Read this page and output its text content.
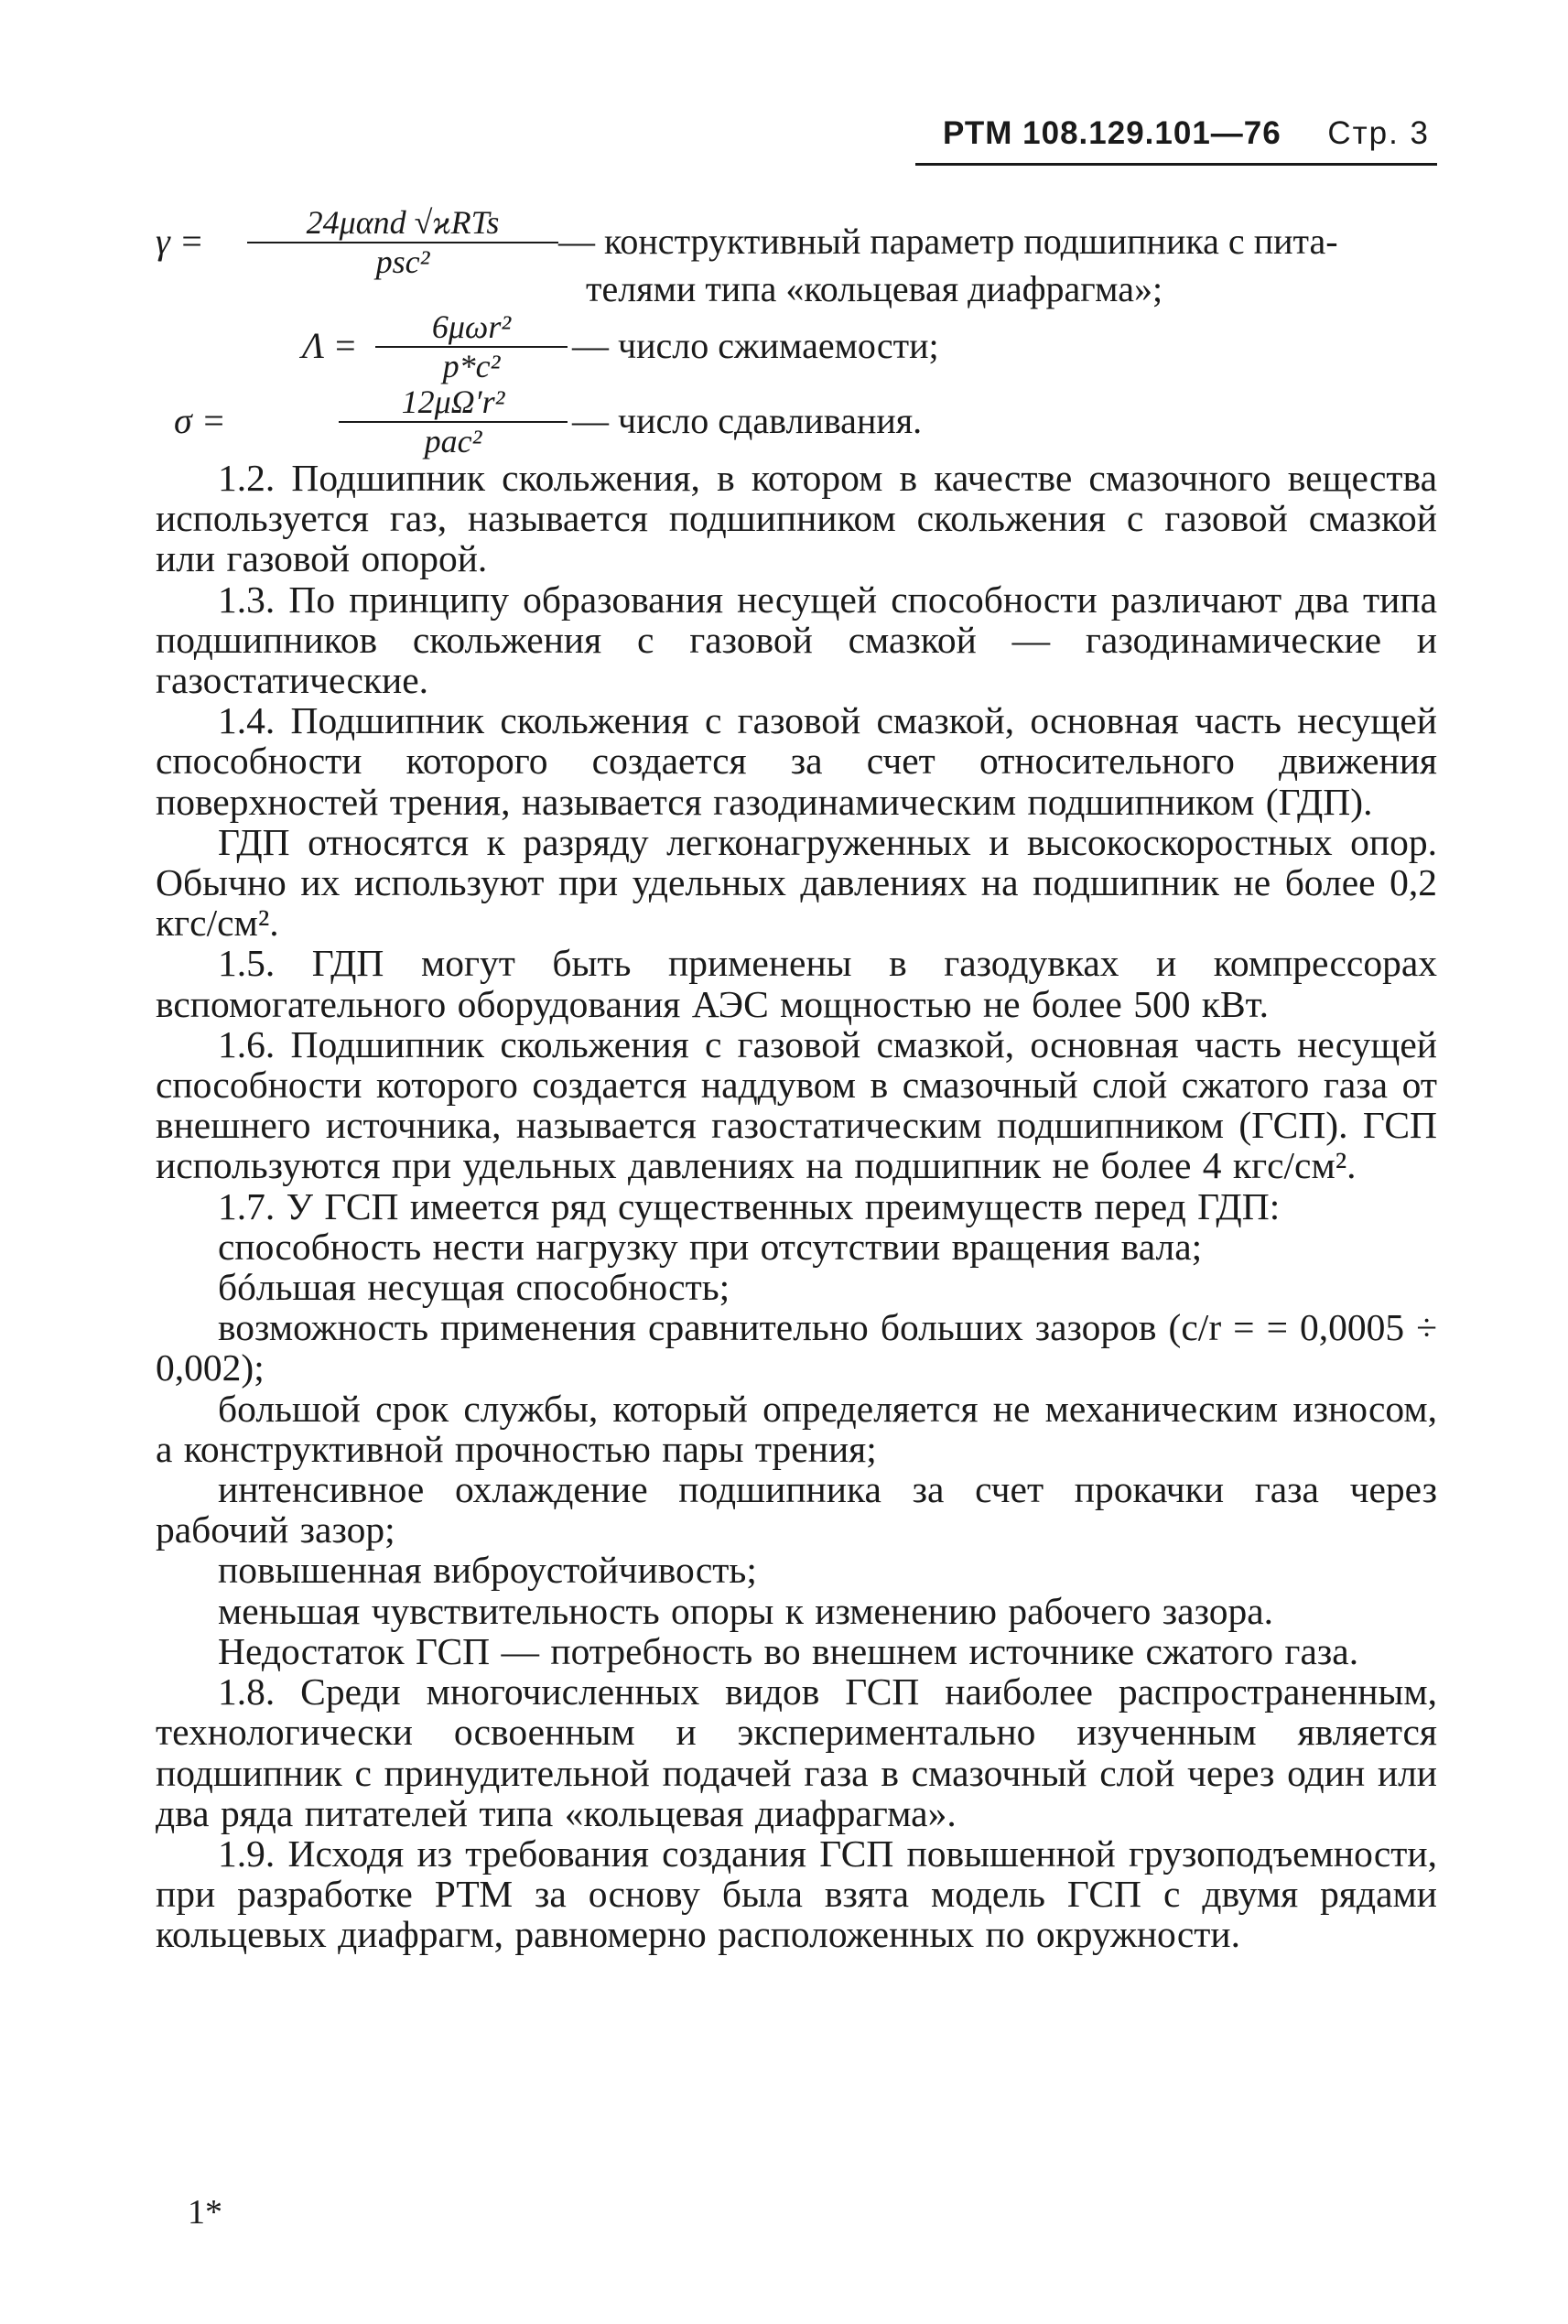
РТМ 108.129.101—76 Стр. 3
γ =	24μαnd √ϰRTs
psc²	— конструктивный параметр подшипника с пита-
телями типа «кольцевая диафрагма»;
Λ =	6μωr²
p*c²	— число сжимаемости;
σ =	12μΩ′r²
pac²	— число сдавливания.

1.2. Подшипник скольжения, в котором в качестве смазочного вещества используется газ, называется подшипником скольжения с газовой смазкой или газовой опорой.

1.3. По принципу образования несущей способности различают два типа подшипников скольжения с газовой смазкой — газодинамические и газостатические.

1.4. Подшипник скольжения с газовой смазкой, основная часть несущей способности которого создается за счет относительного движения поверхностей трения, называется газодинамическим подшипником (ГДП).

ГДП относятся к разряду легконагруженных и высокоскоростных опор. Обычно их используют при удельных давлениях на подшипник не более 0,2 кгс/см².

1.5. ГДП могут быть применены в газодувках и компрессорах вспомогательного оборудования АЭС мощностью не более 500 кВт.

1.6. Подшипник скольжения с газовой смазкой, основная часть несущей способности которого создается наддувом в смазочный слой сжатого газа от внешнего источника, называется газостатическим подшипником (ГСП). ГСП используются при удельных давлениях на подшипник не более 4 кгс/см².

1.7. У ГСП имеется ряд существенных преимуществ перед ГДП:

способность нести нагрузку при отсутствии вращения вала;

бóльшая несущая способность;

возможность применения сравнительно больших зазоров (c/r = = 0,0005 ÷ 0,002);

большой срок службы, который определяется не механическим износом, а конструктивной прочностью пары трения;

интенсивное охлаждение подшипника за счет прокачки газа через рабочий зазор;

повышенная виброустойчивость;

меньшая чувствительность опоры к изменению рабочего зазора.

Недостаток ГСП — потребность во внешнем источнике сжатого газа.

1.8. Среди многочисленных видов ГСП наиболее распространенным, технологически освоенным и экспериментально изученным является подшипник с принудительной подачей газа в смазочный слой через один или два ряда питателей типа «кольцевая диафрагма».

1.9. Исходя из требования создания ГСП повышенной грузоподъемности, при разработке РТМ за основу была взята модель ГСП с двумя рядами кольцевых диафрагм, равномерно расположенных по окружности.

1*
